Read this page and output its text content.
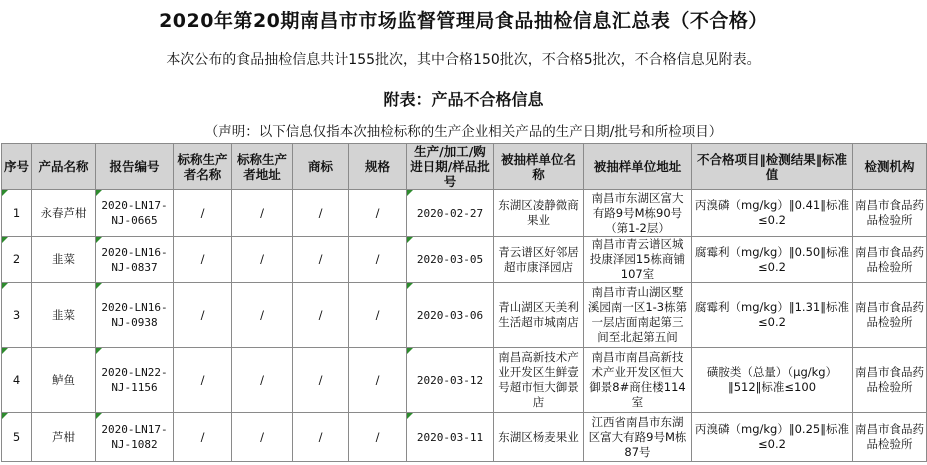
2020年第20期南昌市市场监督管理局食品抽检信息汇总表（不合格）
本次公布的食品抽检信息共计155批次，其中合格150批次，不合格5批次，不合格信息见附表。
附表：产品不合格信息
（声明：以下信息仅指本次抽检标称的生产企业相关产品的生产日期/批号和所检项目）
序号	产品名称	报告编号	标称生产者名称	标称生产者地址	商标	规格	生产/加工/购进日期/样品批号	被抽样单位名称	被抽样单位地址	不合格项目‖检测结果‖标准值	检测机构
1	永春芦柑	2020-LN17-NJ-0665	/	/	/	/	2020-02-27	东湖区凌静微商果业	南昌市东湖区富大有路9号M栋90号（第1-2层）	丙溴磷（mg/kg）‖0.41‖标准≤0.2	南昌市食品药品检验所
2	韭菜	2020-LN16-NJ-0837	/	/	/	/	2020-03-05	青云谱区好邻居超市康泽园店	南昌市青云谱区城投康泽园15栋商铺107室	腐霉利（mg/kg）‖0.50‖标准≤0.2	南昌市食品药品检验所
3	韭菜	2020-LN16-NJ-0938	/	/	/	/	2020-03-06	青山湖区天美利生活超市城南店	南昌市青山湖区墅溪园南一区1-3栋第一层店面南起第三间至北起第五间	腐霉利（mg/kg）‖1.31‖标准≤0.2	南昌市食品药品检验所
4	鲈鱼	2020-LN22-NJ-1156	/	/	/	/	2020-03-12	南昌高新技术产业开发区生鲜壹号超市恒大御景店	南昌市南昌高新技术产业开发区恒大御景8#商住楼114室	磺胺类（总量）（μg/kg）‖512‖标准≤100	南昌市食品药品检验所
5	芦柑	2020-LN17-NJ-1082	/	/	/	/	2020-03-11	东湖区杨麦果业	江西省南昌市东湖区富大有路9号M栋87号	丙溴磷（mg/kg）‖0.25‖标准≤0.2	南昌市食品药品检验所
